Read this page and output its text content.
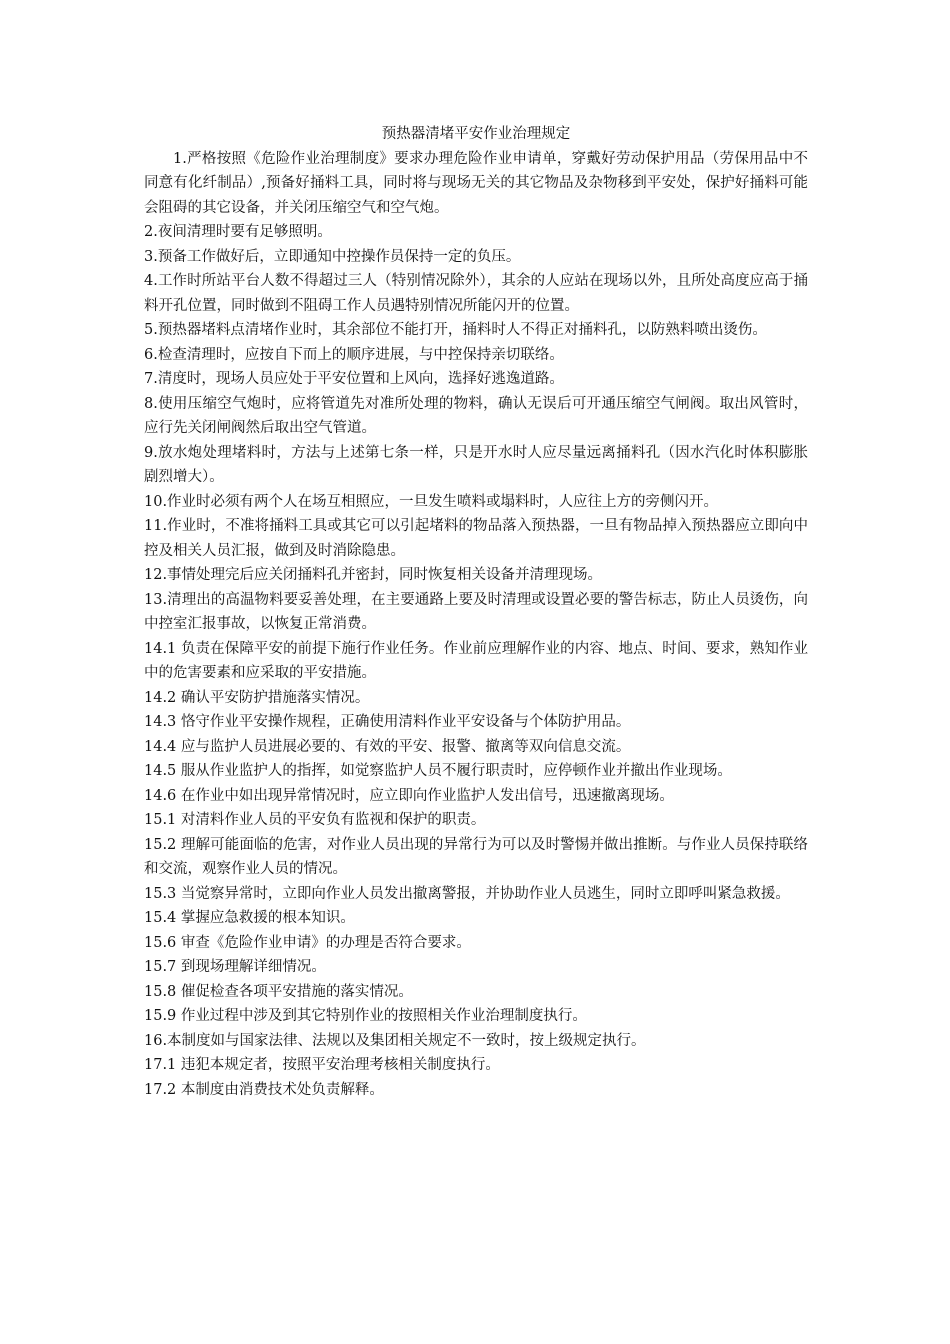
预热器清堵平安作业治理规定

1.严格按照《危险作业治理制度》要求办理危险作业申请单，穿戴好劳动保护用品（劳保用品中不同意有化纤制品）,预备好捅料工具，同时将与现场无关的其它物品及杂物移到平安处，保护好捅料可能会阻碍的其它设备，并关闭压缩空气和空气炮。

2.夜间清理时要有足够照明。

3.预备工作做好后，立即通知中控操作员保持一定的负压。

4.工作时所站平台人数不得超过三人（特别情况除外），其余的人应站在现场以外，且所处高度应高于捅料开孔位置，同时做到不阻碍工作人员遇特别情况所能闪开的位置。

5.预热器堵料点清堵作业时，其余部位不能打开，捅料时人不得正对捅料孔，以防熟料喷出烫伤。

6.检查清理时，应按自下而上的顺序进展，与中控保持亲切联络。

7.清度时，现场人员应处于平安位置和上风向，选择好逃逸道路。

8.使用压缩空气炮时，应将管道先对准所处理的物料，确认无误后可开通压缩空气闸阀。取出风管时，应行先关闭闸阀然后取出空气管道。

9.放水炮处理堵料时，方法与上述第七条一样，只是开水时人应尽量远离捅料孔（因水汽化时体积膨胀剧烈增大）。

10.作业时必须有两个人在场互相照应，一旦发生喷料或塌料时，人应往上方的旁侧闪开。

11.作业时，不准将捅料工具或其它可以引起堵料的物品落入预热器，一旦有物品掉入预热器应立即向中控及相关人员汇报，做到及时消除隐患。

12.事情处理完后应关闭捅料孔并密封，同时恢复相关设备并清理现场。

13.清理出的高温物料要妥善处理，在主要通路上要及时清理或设置必要的警告标志，防止人员烫伤，向中控室汇报事故，以恢复正常消费。

14.1 负责在保障平安的前提下施行作业任务。作业前应理解作业的内容、地点、时间、要求，熟知作业中的危害要素和应采取的平安措施。

14.2 确认平安防护措施落实情况。

14.3 恪守作业平安操作规程，正确使用清料作业平安设备与个体防护用品。

14.4 应与监护人员进展必要的、有效的平安、报警、撤离等双向信息交流。

14.5 服从作业监护人的指挥，如觉察监护人员不履行职责时，应停顿作业并撤出作业现场。

14.6 在作业中如出现异常情况时，应立即向作业监护人发出信号，迅速撤离现场。

15.1 对清料作业人员的平安负有监视和保护的职责。

15.2 理解可能面临的危害，对作业人员出现的异常行为可以及时警惕并做出推断。与作业人员保持联络和交流，观察作业人员的情况。

15.3 当觉察异常时，立即向作业人员发出撤离警报，并协助作业人员逃生，同时立即呼叫紧急救援。

15.4 掌握应急救援的根本知识。

15.6 审查《危险作业申请》的办理是否符合要求。

15.7 到现场理解详细情况。

15.8 催促检查各项平安措施的落实情况。

15.9 作业过程中涉及到其它特别作业的按照相关作业治理制度执行。

16.本制度如与国家法律、法规以及集团相关规定不一致时，按上级规定执行。

17.1 违犯本规定者，按照平安治理考核相关制度执行。

17.2 本制度由消费技术处负责解释。
